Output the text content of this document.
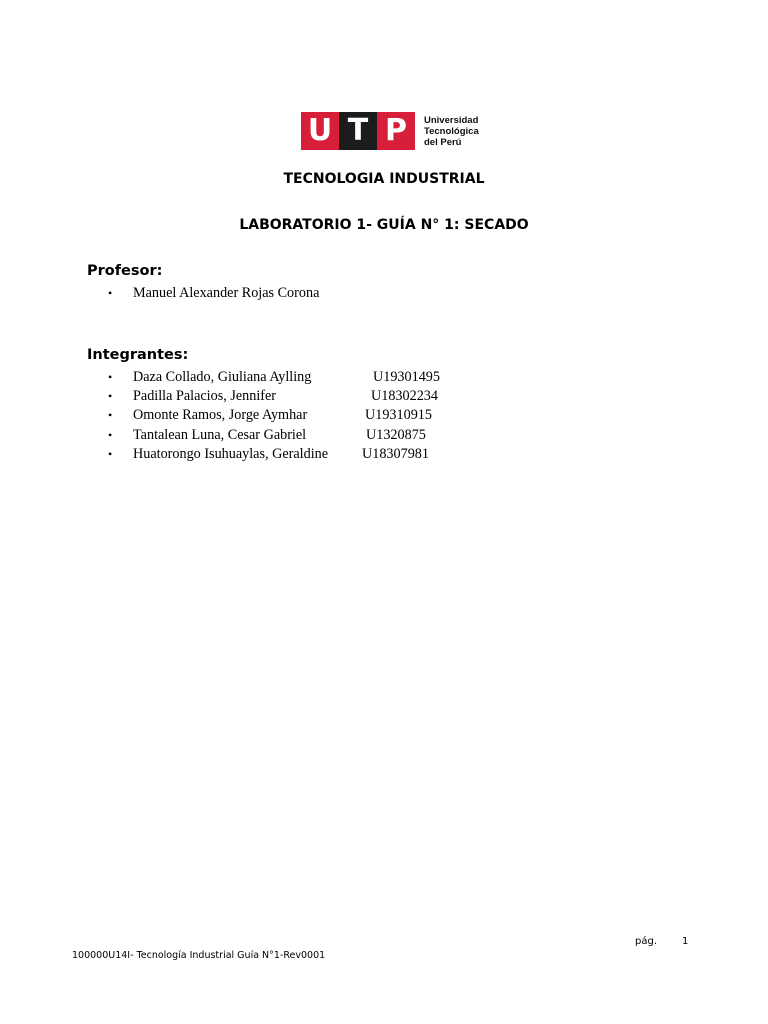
U T P	Universidad
Tecnológica
del Perú
TECNOLOGIA INDUSTRIAL
LABORATORIO 1- GUÍA N° 1: SECADO
Profesor:
• Manuel Alexander Rojas Corona
Integrantes:
• Daza Collado, Giuliana Aylling	U19301495
• Padilla Palacios, Jennifer	U18302234
• Omonte Ramos, Jorge Aymhar	U19310915
• Tantalean Luna, Cesar Gabriel	U1320875
• Huatorongo Isuhuaylas, Geraldine U18307981
pág. 1
100000U14I- Tecnología Industrial Guía N°1-Rev0001
